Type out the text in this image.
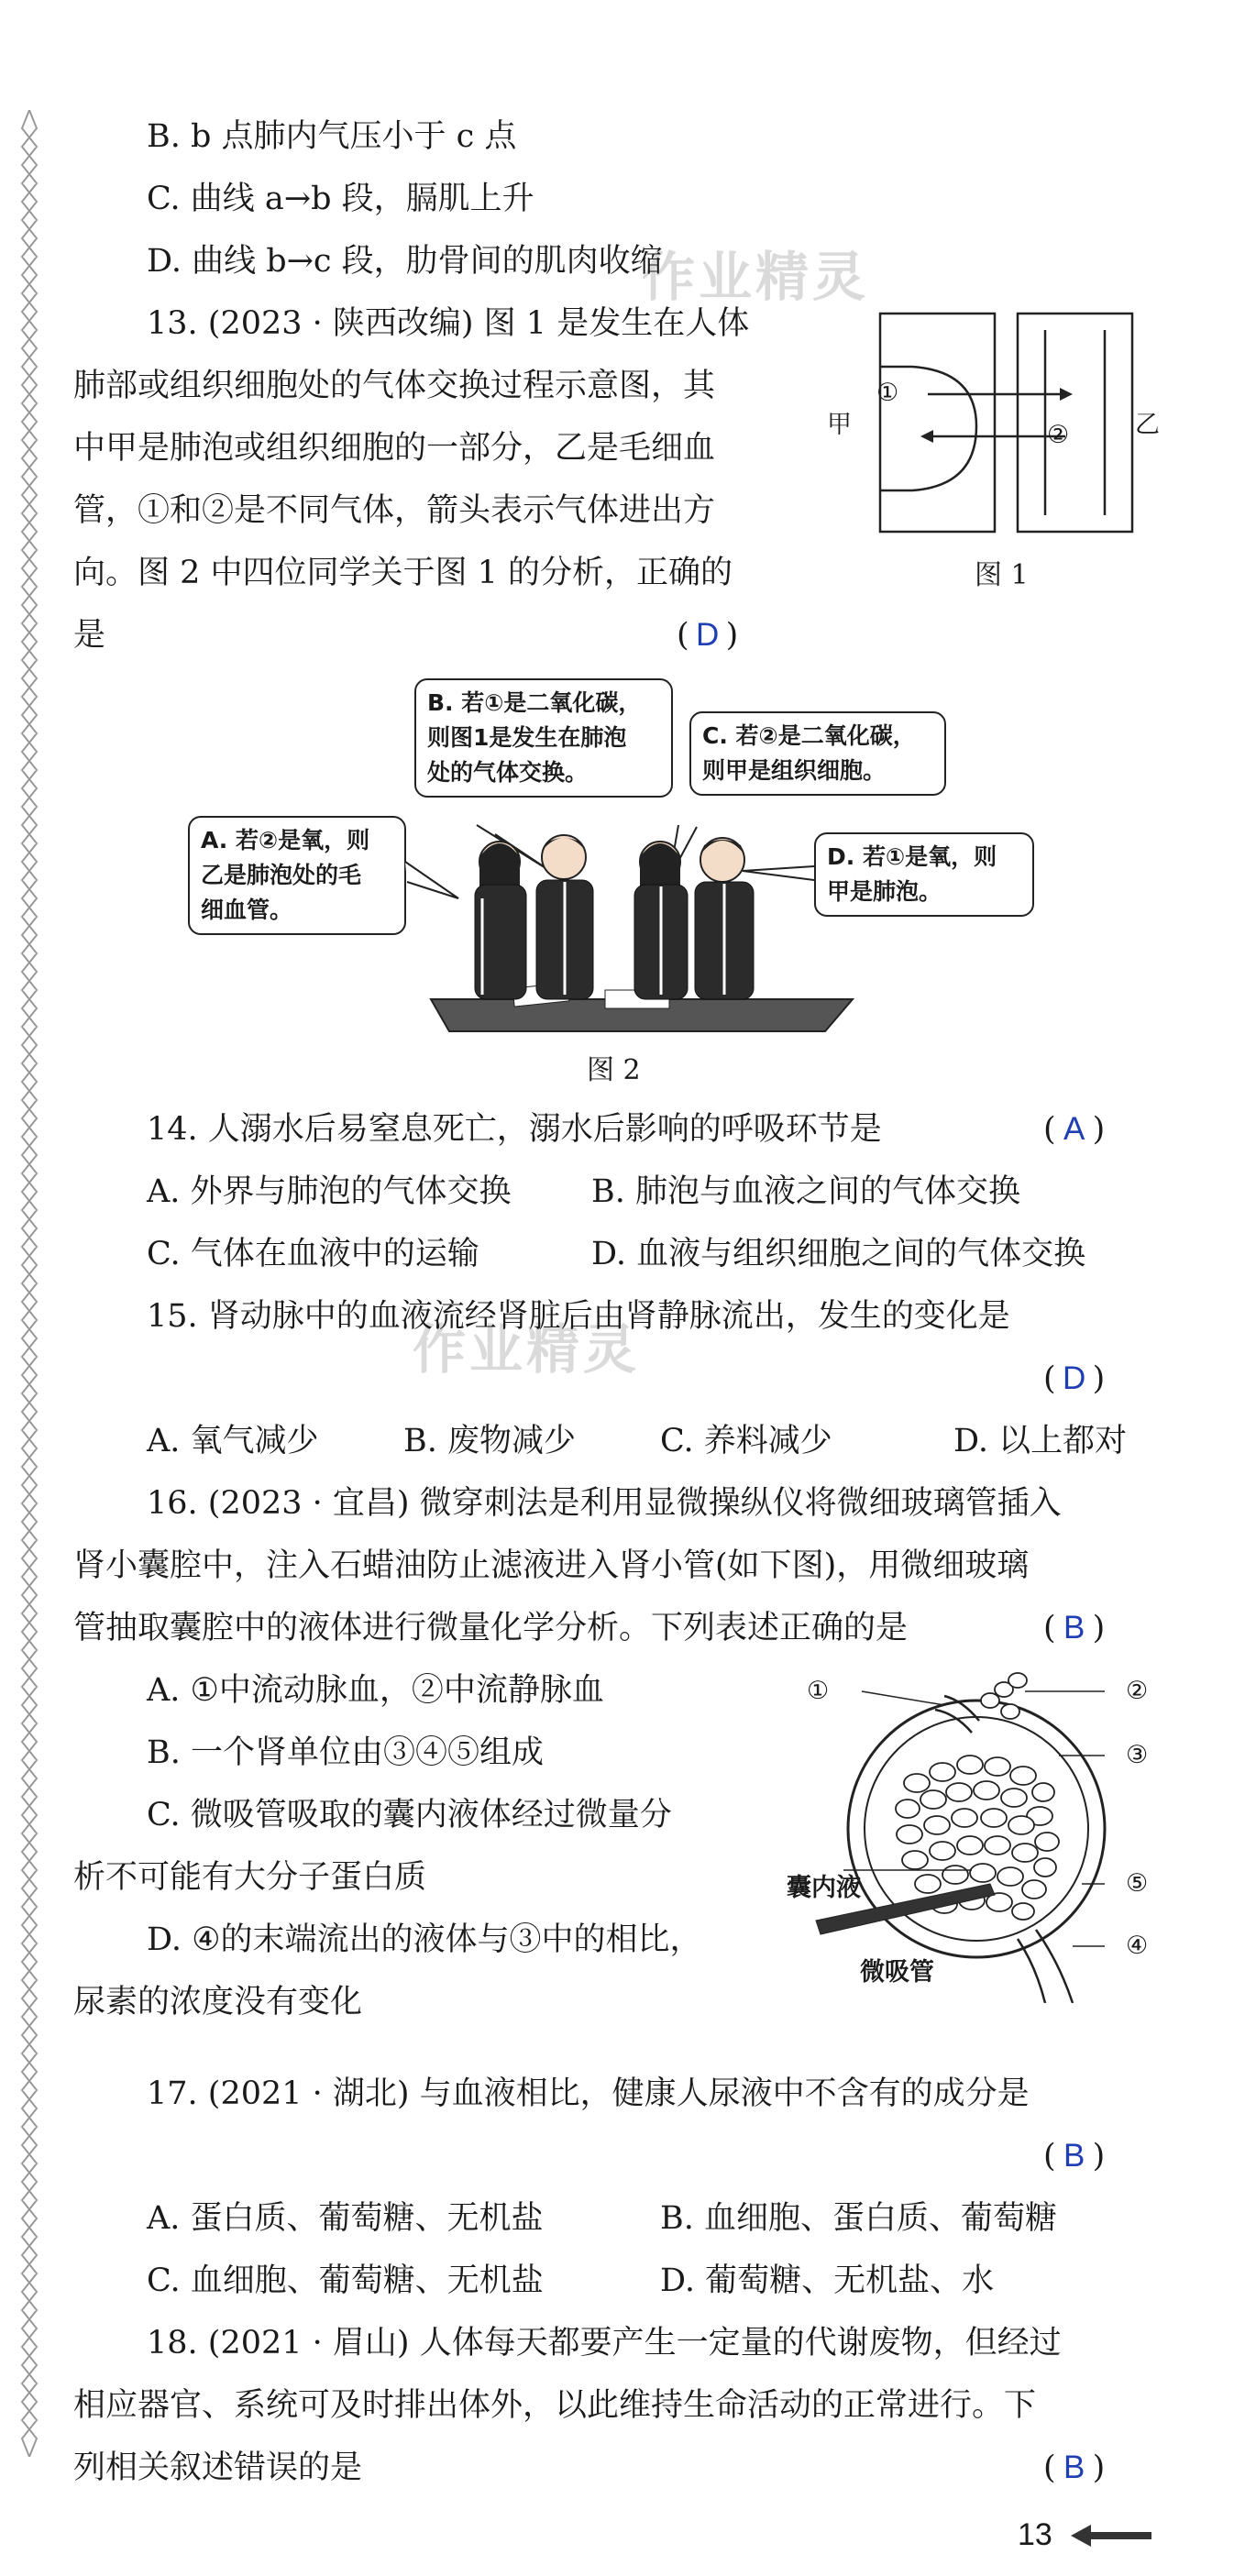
作业精灵
作业精灵
B. b 点肺内气压小于 c 点
C. 曲线 a→b 段，膈肌上升
D. 曲线 b→c 段，肋骨间的肌肉收缩
13. (2023 · 陕西改编) 图 1 是发生在人体
肺部或组织细胞处的气体交换过程示意图，其
中甲是肺泡或组织细胞的一部分，乙是毛细血
管，①和②是不同气体，箭头表示气体进出方
向。图 2 中四位同学关于图 1 的分析，正确的
是	( D )
甲	乙
①
②
图 1
B. 若①是二氧化碳，
则图1是发生在肺泡
处的气体交换。
C. 若②是二氧化碳，
则甲是组织细胞。
A. 若②是氧，则
乙是肺泡处的毛
细血管。
D. 若①是氧，则
甲是肺泡。
图 2
14. 人溺水后易窒息死亡，溺水后影响的呼吸环节是	( A )
A. 外界与肺泡的气体交换 B. 肺泡与血液之间的气体交换
C. 气体在血液中的运输	D. 血液与组织细胞之间的气体交换
15. 肾动脉中的血液流经肾脏后由肾静脉流出，发生的变化是
( D )
A. 氧气减少	B. 废物减少	C. 养料减少	D. 以上都对
16. (2023 · 宜昌) 微穿刺法是利用显微操纵仪将微细玻璃管插入
肾小囊腔中，注入石蜡油防止滤液进入肾小管(如下图)，用微细玻璃
管抽取囊腔中的液体进行微量化学分析。下列表述正确的是	( B )
A. ①中流动脉血，②中流静脉血
B. 一个肾单位由③④⑤组成
C. 微吸管吸取的囊内液体经过微量分
析不可能有大分子蛋白质
D. ④的末端流出的液体与③中的相比，
尿素的浓度没有变化
①	②
③
⑤
④
囊内液
微吸管
17. (2021 · 湖北) 与血液相比，健康人尿液中不含有的成分是
( B )
A. 蛋白质、葡萄糖、无机盐	B. 血细胞、蛋白质、葡萄糖
C. 血细胞、葡萄糖、无机盐	D. 葡萄糖、无机盐、水
18. (2021 · 眉山) 人体每天都要产生一定量的代谢废物，但经过
相应器官、系统可及时排出体外，以此维持生命活动的正常进行。下
列相关叙述错误的是	( B )
13
